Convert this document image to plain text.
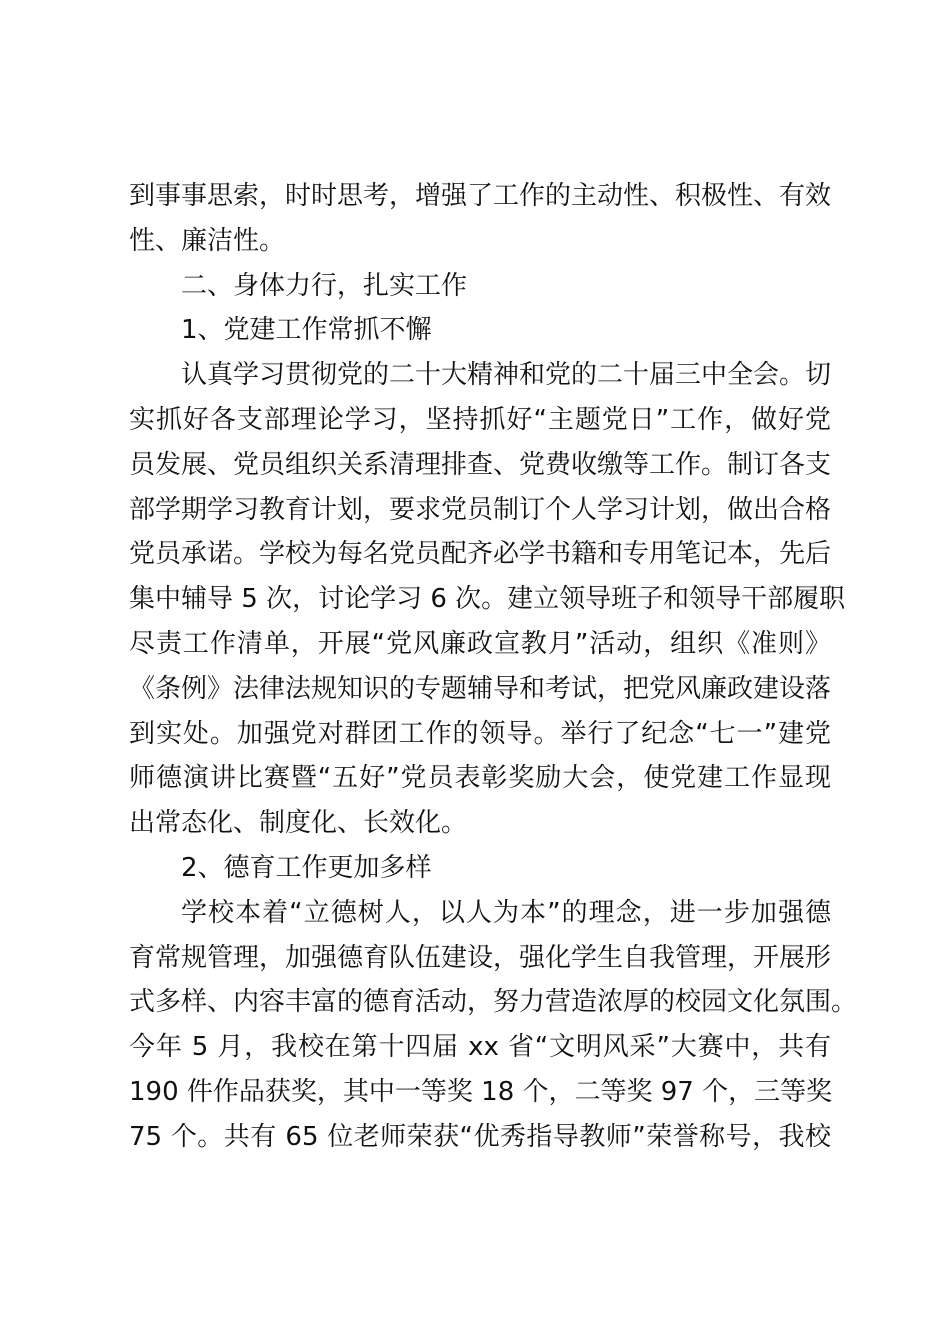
到事事思索，时时思考，增强了工作的主动性、积极性、有效
性、廉洁性。
二、身体力行，扎实工作
1、党建工作常抓不懈
认真学习贯彻党的二十大精神和党的二十届三中全会。切
实抓好各支部理论学习，坚持抓好“主题党日”工作，做好党
员发展、党员组织关系清理排查、党费收缴等工作。制订各支
部学期学习教育计划，要求党员制订个人学习计划，做出合格
党员承诺。学校为每名党员配齐必学书籍和专用笔记本，先后
集中辅导 5 次，讨论学习 6 次。建立领导班子和领导干部履职
尽责工作清单，开展“党风廉政宣教月”活动，组织《准则》
《条例》法律法规知识的专题辅导和考试，把党风廉政建设落
到实处。加强党对群团工作的领导。举行了纪念“七一”建党
师德演讲比赛暨“五好”党员表彰奖励大会，使党建工作显现
出常态化、制度化、长效化。
2、德育工作更加多样
学校本着“立德树人，以人为本”的理念，进一步加强德
育常规管理，加强德育队伍建设，强化学生自我管理，开展形
式多样、内容丰富的德育活动，努力营造浓厚的校园文化氛围。
今年 5 月，我校在第十四届 xx 省“文明风采”大赛中，共有
190 件作品获奖，其中一等奖 18 个，二等奖 97 个，三等奖
75 个。共有 65 位老师荣获“优秀指导教师”荣誉称号，我校
